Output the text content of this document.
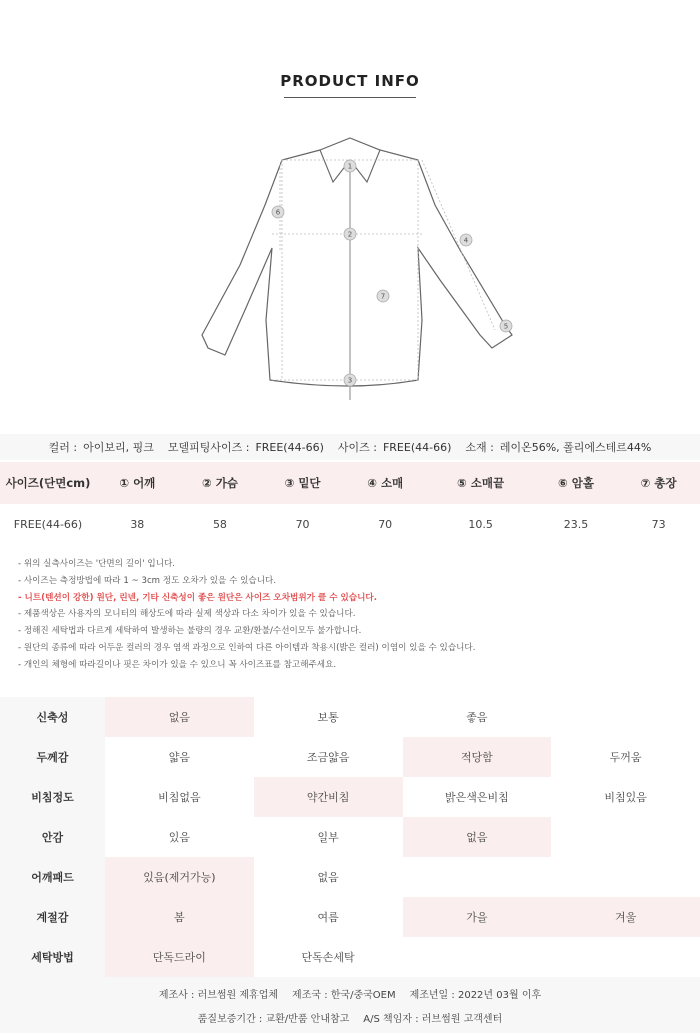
PRODUCT INFO
1
2
3
4
5
6
7
컬러 : 아이보리, 핑크 모델피팅사이즈 : FREE(44-66) 사이즈 : FREE(44-66) 소재 : 레이온56%, 폴리에스테르44%
사이즈(단면cm)	① 어깨	② 가슴	③ 밑단	④ 소매	⑤ 소매끝	⑥ 암홀	⑦ 총장
FREE(44-66)	38	58	70	70	10.5	23.5	73
- 위의 실측사이즈는 '단면의 길이' 입니다.
- 사이즈는 측정방법에 따라 1 ~ 3cm 정도 오차가 있을 수 있습니다.
- 니트(텐션이 강한) 원단, 린넨, 기타 신축성이 좋은 원단은 사이즈 오차범위가 클 수 있습니다.
- 제품색상은 사용자의 모니터의 해상도에 따라 실제 색상과 다소 차이가 있을 수 있습니다.
- 정해진 세탁법과 다르게 세탁하여 발생하는 불량의 경우 교환/환불/수선이모두 불가합니다.
- 원단의 종류에 따라 어두운 컬러의 경우 염색 과정으로 인하여 다른 아이템과 착용시(밝은 컬러) 이염이 있을 수 있습니다.
- 개인의 체형에 따라길이나 핏은 차이가 있을 수 있으니 꼭 사이즈표를 참고해주세요.
신축성	없음	보통	좋음	
두께감	얇음	조금얇음	적당함	두꺼움
비침정도	비침없음	약간비침	밝은색은비침	비침있음
안감	있음	일부	없음	
어깨패드	있음(제거가능)	없음		
계절감	봄	여름	가을	겨울
세탁방법	단독드라이	단독손세탁		
제조사 : 러브썸원 제휴업체 제조국 : 한국/중국OEM 제조년일 : 2022년 03월 이후
품질보증기간 : 교환/반품 안내참고 A/S 책임자 : 러브썸원 고객센터
